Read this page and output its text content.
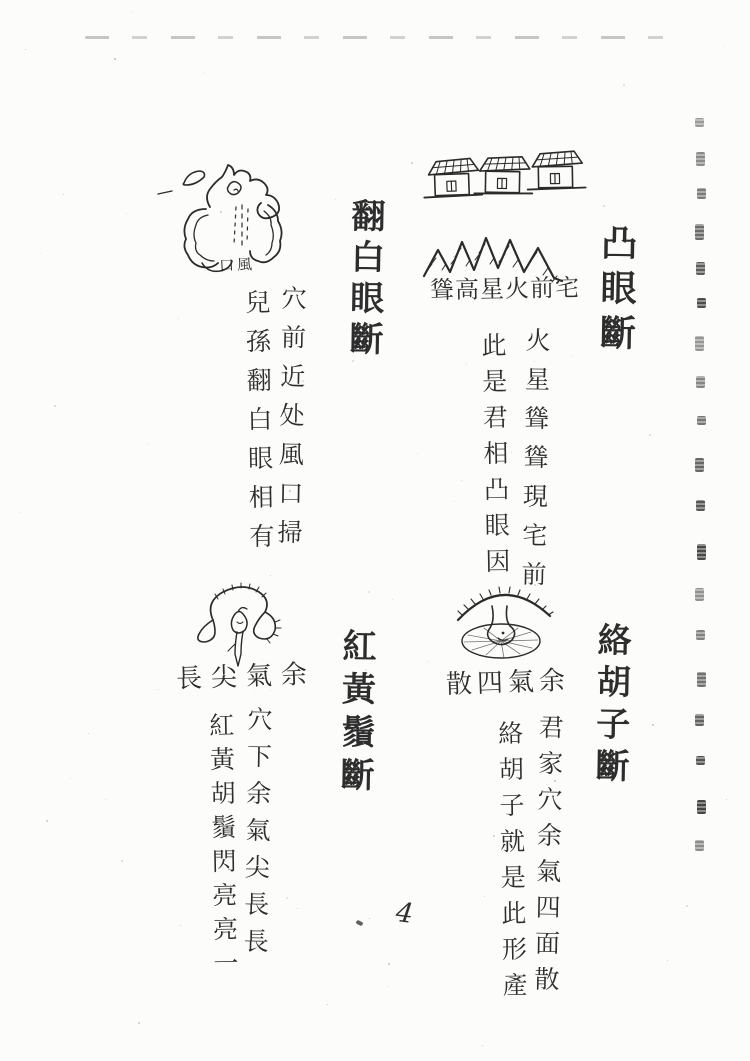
口風	翻白眼斷
穴前近处風口掃
兒孫翻白眼相有	聳高星火前宅 凸眼斷
火星聳聳現宅前
此是君相凸眼因
長尖氣余 紅黃鬚斷
穴下余氣尖長長
紅黃胡鬚閃亮亮一
散四氣余 絡胡子斷
君家穴余氣四面散
絡胡子就是此形產
4
